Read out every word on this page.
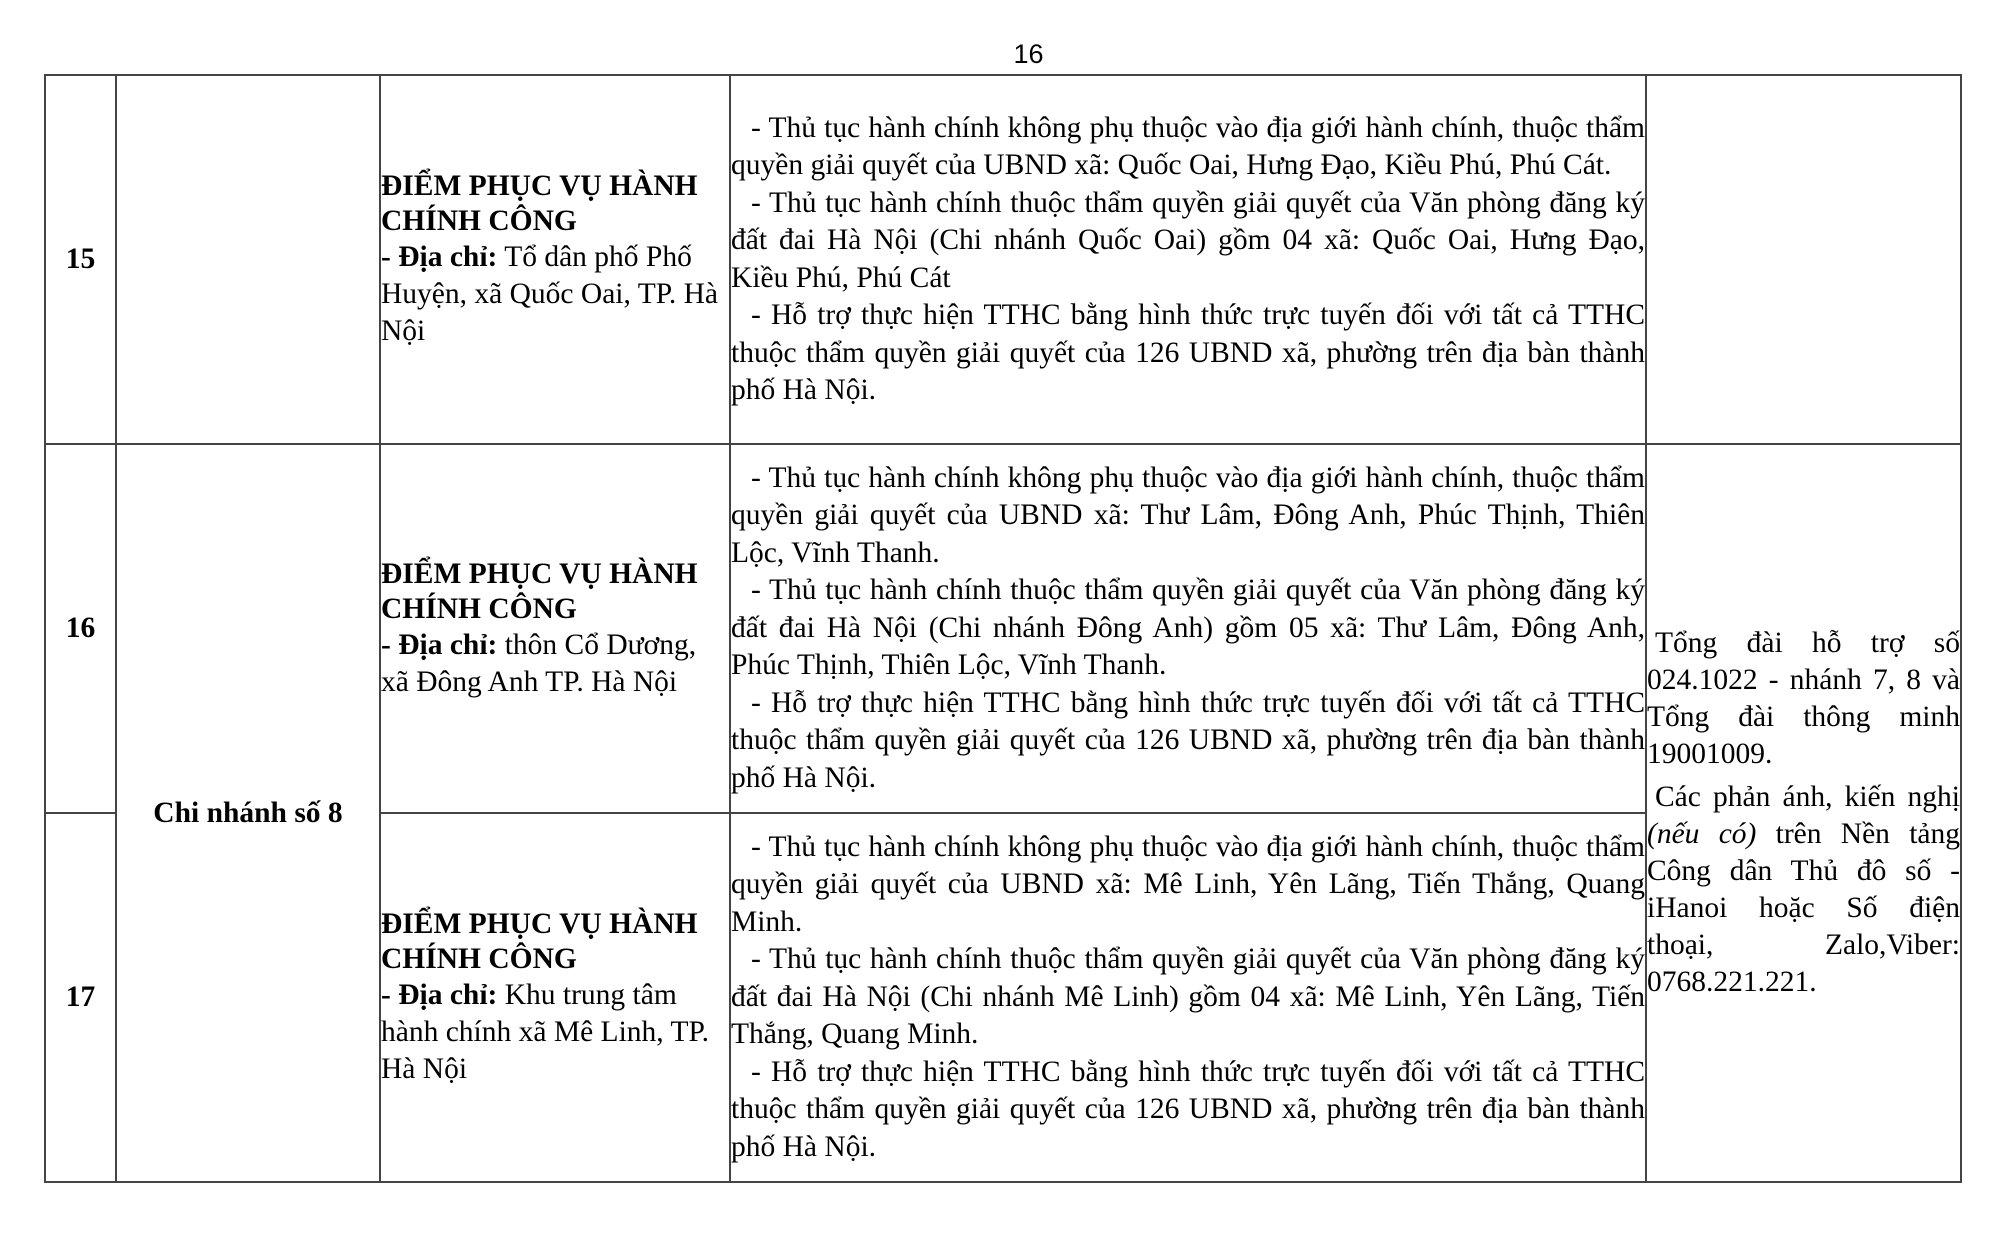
16
15		ĐIỂM PHỤC VỤ HÀNH CHÍNH CÔNG
- Địa chỉ: Tổ dân phố Phố Huyện, xã Quốc Oai, TP. Hà Nội	- Thủ tục hành chính không phụ thuộc vào địa giới hành chính, thuộc thẩm quyền giải quyết của UBND xã: Quốc Oai, Hưng Đạo, Kiều Phú, Phú Cát.
- Thủ tục hành chính thuộc thẩm quyền giải quyết của Văn phòng đăng ký đất đai Hà Nội (Chi nhánh Quốc Oai) gồm 04 xã: Quốc Oai, Hưng Đạo, Kiều Phú, Phú Cát
- Hỗ trợ thực hiện TTHC bằng hình thức trực tuyến đối với tất cả TTHC thuộc thẩm quyền giải quyết của 126 UBND xã, phường trên địa bàn thành phố Hà Nội.	

16	Chi nhánh số 8	ĐIỂM PHỤC VỤ HÀNH CHÍNH CÔNG
- Địa chỉ: thôn Cổ Dương, xã Đông Anh TP. Hà Nội	- Thủ tục hành chính không phụ thuộc vào địa giới hành chính, thuộc thẩm quyền giải quyết của UBND xã: Thư Lâm, Đông Anh, Phúc Thịnh, Thiên Lộc, Vĩnh Thanh.
- Thủ tục hành chính thuộc thẩm quyền giải quyết của Văn phòng đăng ký đất đai Hà Nội (Chi nhánh Đông Anh) gồm 05 xã: Thư Lâm, Đông Anh, Phúc Thịnh, Thiên Lộc, Vĩnh Thanh.
- Hỗ trợ thực hiện TTHC bằng hình thức trực tuyến đối với tất cả TTHC thuộc thẩm quyền giải quyết của 126 UBND xã, phường trên địa bàn thành phố Hà Nội.	Tổng đài hỗ trợ số 024.1022 - nhánh 7, 8 và Tổng đài thông minh 19001009.
Các phản ánh, kiến nghị (nếu có) trên Nền tảng Công dân Thủ đô số - iHanoi hoặc Số điện thoại, Zalo,Viber: 0768.221.221.

17		ĐIỂM PHỤC VỤ HÀNH CHÍNH CÔNG
- Địa chỉ: Khu trung tâm hành chính xã Mê Linh, TP. Hà Nội	- Thủ tục hành chính không phụ thuộc vào địa giới hành chính, thuộc thẩm quyền giải quyết của UBND xã: Mê Linh, Yên Lãng, Tiến Thắng, Quang Minh.
- Thủ tục hành chính thuộc thẩm quyền giải quyết của Văn phòng đăng ký đất đai Hà Nội (Chi nhánh Mê Linh) gồm 04 xã: Mê Linh, Yên Lãng, Tiến Thắng, Quang Minh.
- Hỗ trợ thực hiện TTHC bằng hình thức trực tuyến đối với tất cả TTHC thuộc thẩm quyền giải quyết của 126 UBND xã, phường trên địa bàn thành phố Hà Nội.	
